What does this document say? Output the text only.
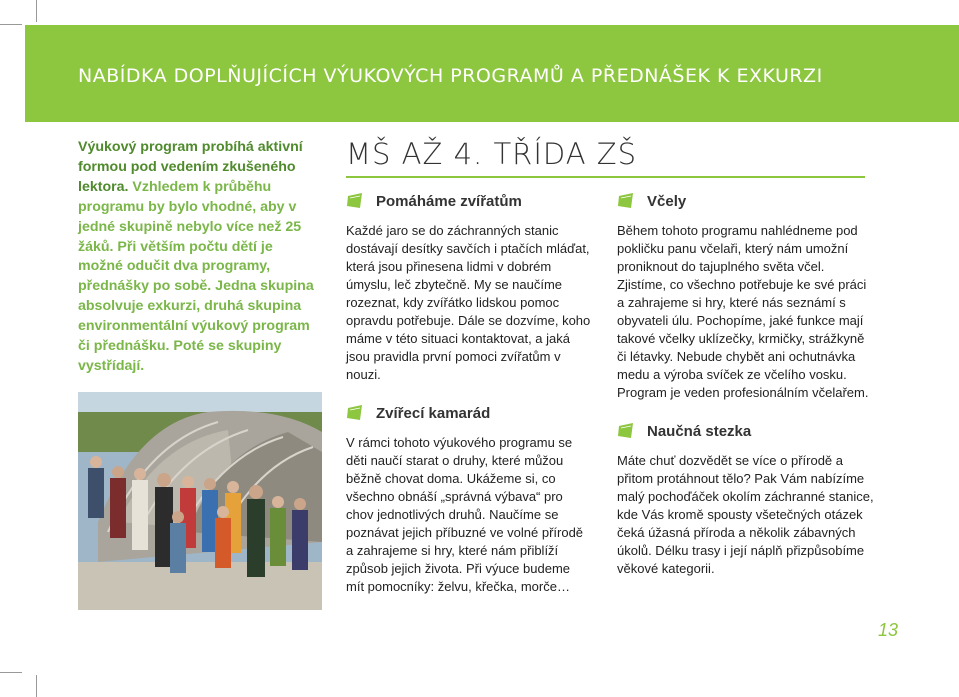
NABÍDKA DOPLŇUJÍCÍCH VÝUKOVÝCH PROGRAMŮ A PŘEDNÁŠEK K EXKURZI
Výukový program probíhá aktivní formou pod vedením zkušeného lektora. Vzhledem k průběhu programu by bylo vhodné, aby v jedné skupině nebylo více než 25 žáků. Při větším počtu dětí je možné odučit dva programy, přednášky po sobě. Jedna skupina absolvuje exkurzi, druhá skupina environmentální výukový program či přednášku. Poté se skupiny vystřídají.
MŠ AŽ 4. TŘÍDA ZŠ
Pomáháme zvířatům

Každé jaro se do záchranných stanic dostávají desítky savčích i ptačích mláďat, která jsou přinesena lidmi v dobrém úmyslu, leč zbytečně. My se naučíme rozeznat, kdy zvířátko lidskou pomoc opravdu potřebuje. Dále se dozvíme, koho máme v této situaci kontaktovat, a jaká jsou pravidla první pomoci zvířatům v nouzi.

Zvířecí kamarád

V rámci tohoto výukového programu se děti naučí starat o druhy, které můžou běžně chovat doma. Ukážeme si, co všechno obnáší „správná výbava“ pro chov jednotlivých druhů. Naučíme se poznávat jejich příbuzné ve volné přírodě a zahrajeme si hry, které nám přiblíží způsob jejich života. Při výuce budeme mít pomocníky: želvu, křečka, morče…

Včely

Během tohoto programu nahlédneme pod pokličku panu včelaři, který nám umožní proniknout do tajuplného světa včel. Zjistíme, co všechno potřebuje ke své práci a zahrajeme si hry, které nás seznámí s obyvateli úlu. Pochopíme, jaké funkce mají takové včelky uklízečky, krmičky, strážkyně či létavky. Nebude chybět ani ochutnávka medu a výroba svíček ze včelího vosku.

Program je veden profesionálním včelařem.

Naučná stezka

Máte chuť dozvědět se více o přírodě a přitom protáhnout tělo? Pak Vám nabízíme malý pochoďáček okolím záchranné stanice, kde Vás kromě spousty všetečných otázek čeká úžasná příroda a několik zábavných úkolů. Délku trasy i její náplň přizpůsobíme věkové kategorii.

13
